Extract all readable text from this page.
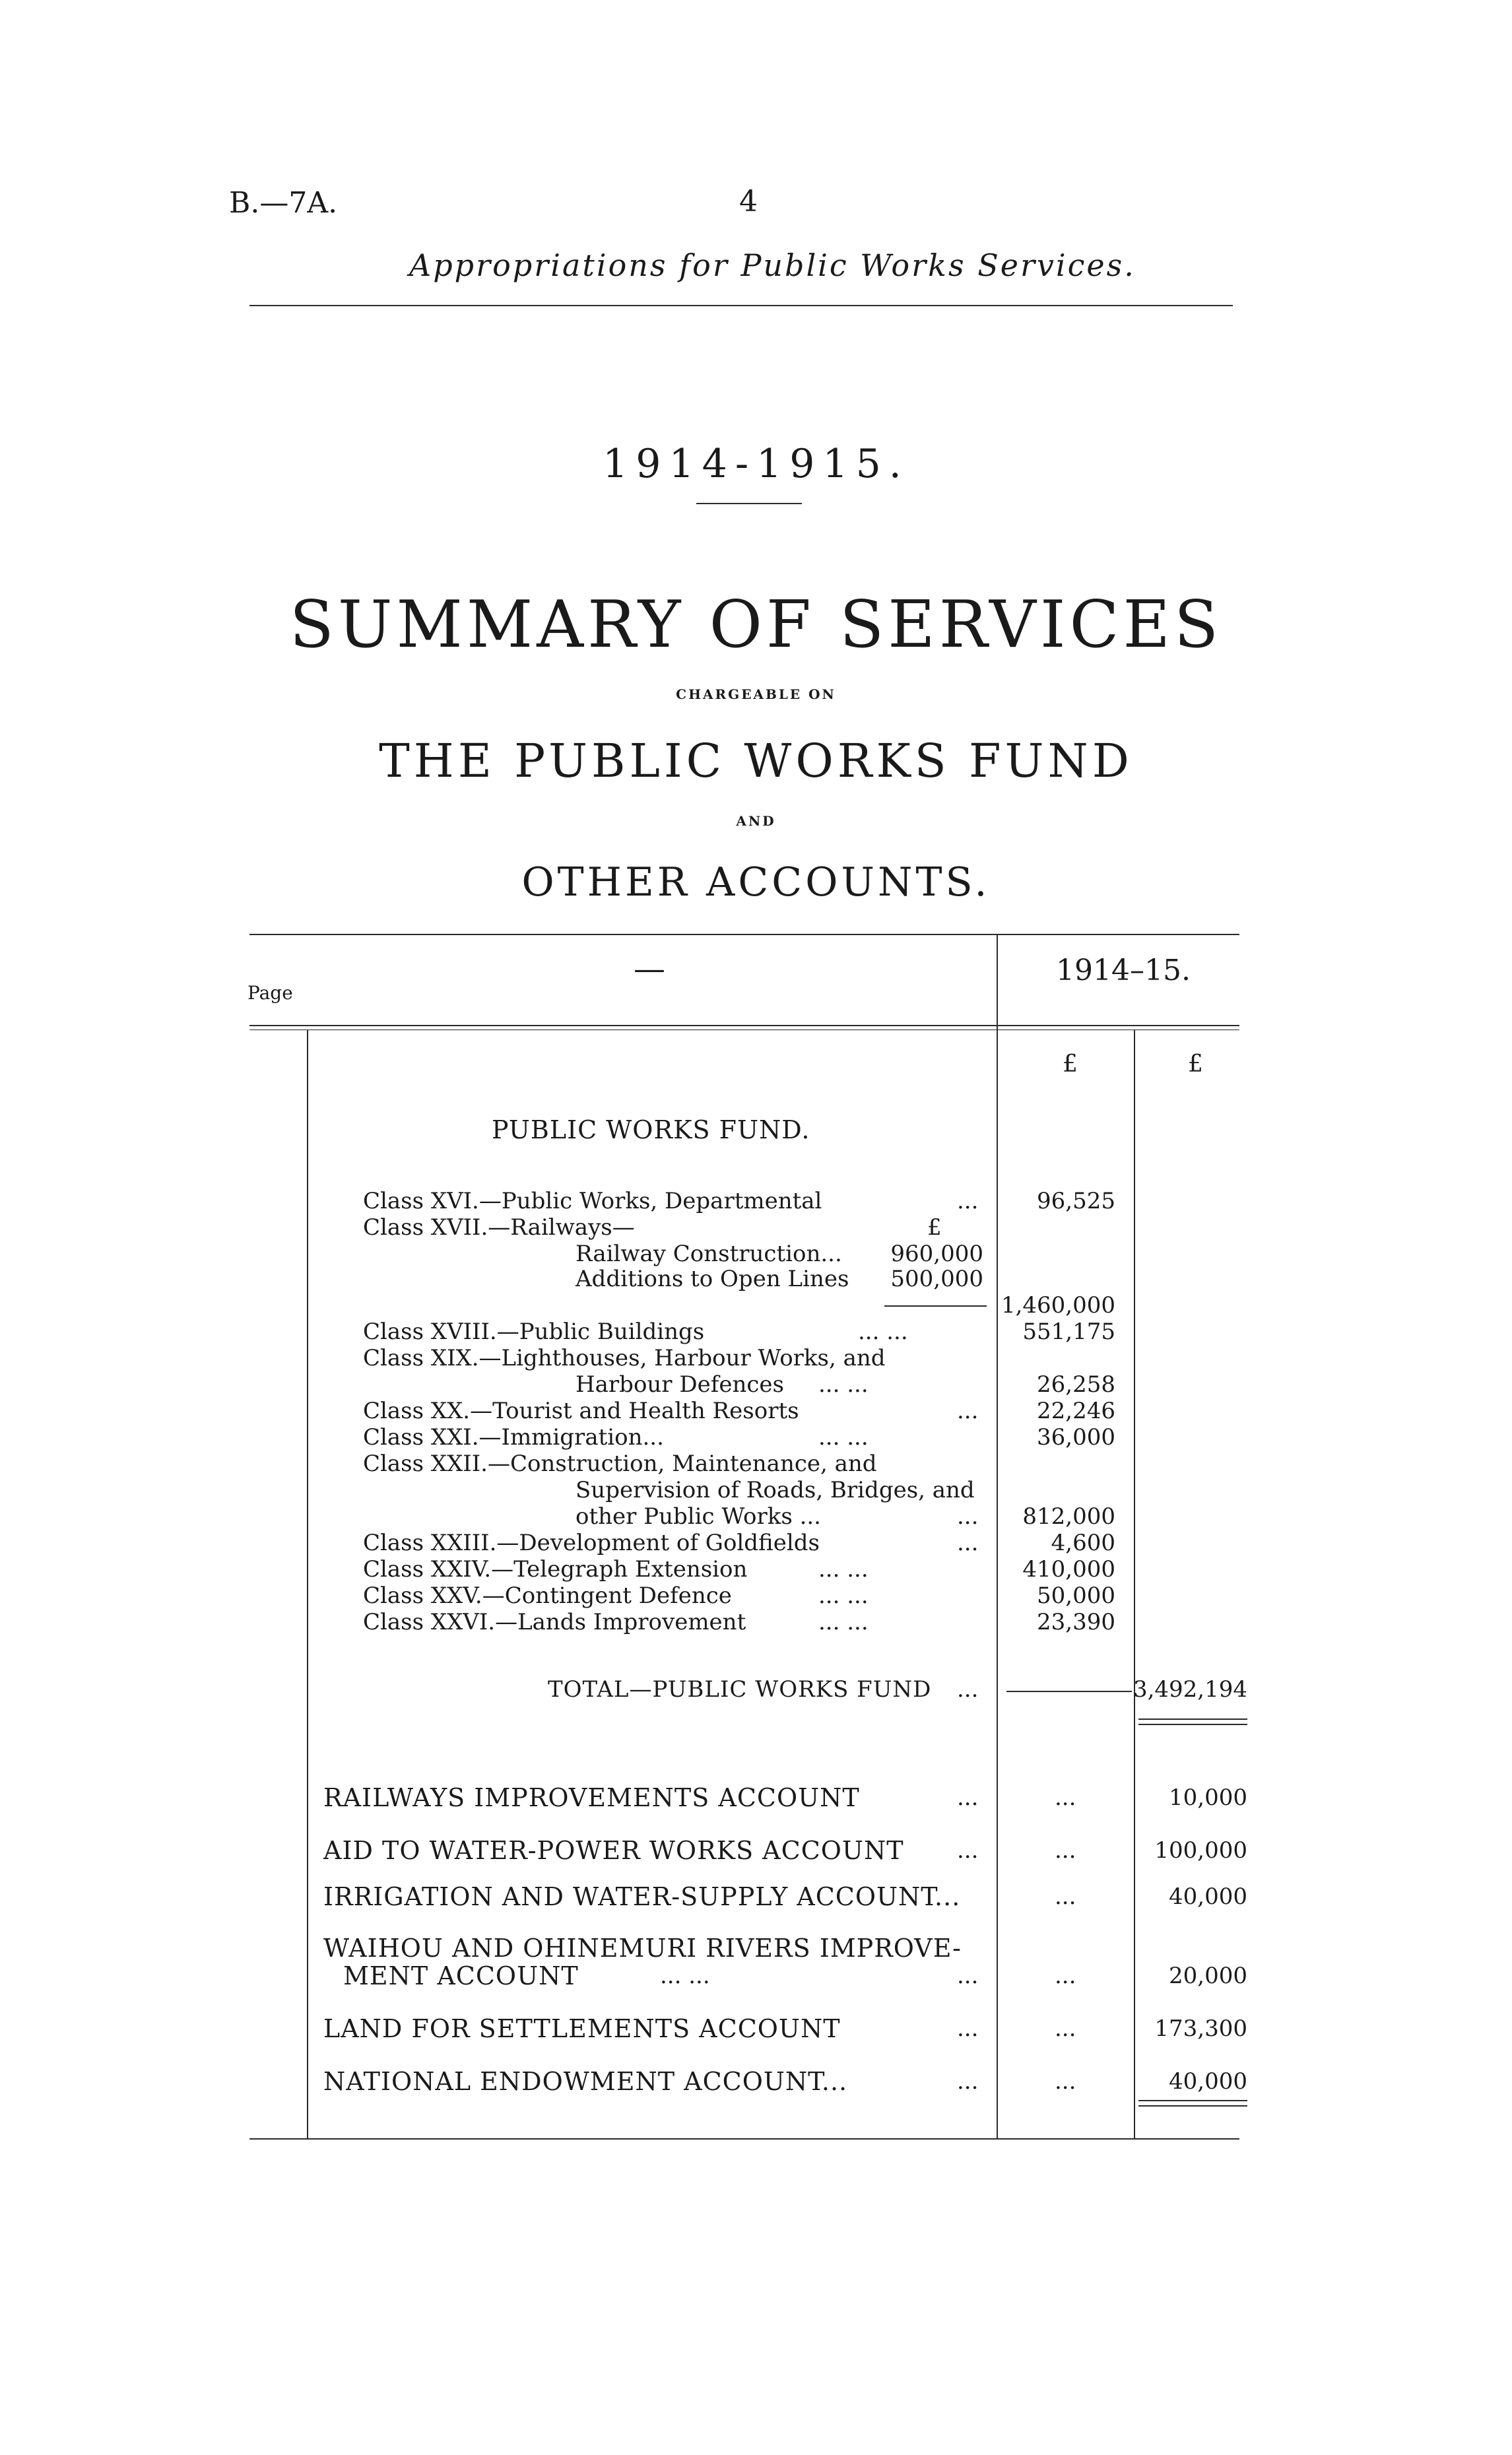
B.—7A.	4
Appropriations for Public Works Services.
1914-1915.
SUMMARY OF SERVICES
CHARGEABLE ON
THE PUBLIC WORKS FUND
AND
OTHER ACCOUNTS.
—	1914–15.
Page
£	£
PUBLIC WORKS FUND.
Class XVI.—Public Works, Departmental	...	96,525
Class XVII.—Railways—	£
Railway Construction...	960,000
Additions to Open Lines	500,000
1,460,000
Class XVIII.—Public Buildings	... ...	551,175
Class XIX.—Lighthouses, Harbour Works, and
Harbour Defences ... ...	26,258
Class XX.—Tourist and Health Resorts	...	22,246
Class XXI.—Immigration...	... ...	36,000
Class XXII.—Construction, Maintenance, and
Supervision of Roads, Bridges, and
other Public Works ...	...	812,000
Class XXIII.—Development of Goldfields	...	4,600
Class XXIV.—Telegraph Extension	... ...	410,000
Class XXV.—Contingent Defence	... ...	50,000
Class XXVI.—Lands Improvement	... ...	23,390
TOTAL—PUBLIC WORKS FUND ...	3,492,194
RAILWAYS IMPROVEMENTS ACCOUNT	...	...	10,000
AID TO WATER-POWER WORKS ACCOUNT ...	...	100,000
IRRIGATION AND WATER-SUPPLY ACCOUNT...	...	40,000
WAIHOU AND OHINEMURI RIVERS IMPROVE-
MENT ACCOUNT	... ...	...	...	20,000
LAND FOR SETTLEMENTS ACCOUNT	...	...	173,300
NATIONAL ENDOWMENT ACCOUNT...	...	...	40,000
